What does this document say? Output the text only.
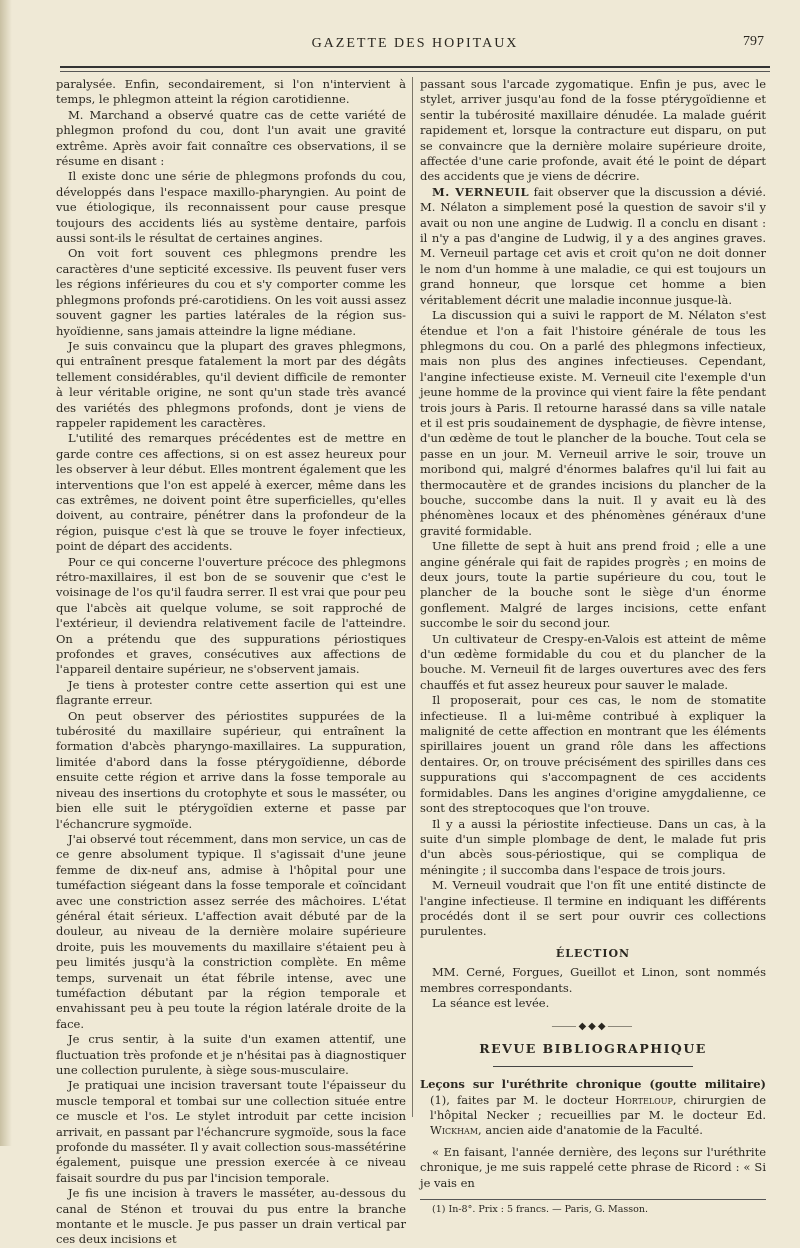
GAZETTE DES HOPITAUX	797

paralysée. Enfin, secondairement, si l'on n'intervient à temps, le phlegmon atteint la région carotidienne.

M. Marchand a observé quatre cas de cette variété de phlegmon profond du cou, dont l'un avait une gravité extrême. Après avoir fait connaître ces observations, il se résume en disant :

Il existe donc une série de phlegmons profonds du cou, développés dans l'espace maxillo-pharyngien. Au point de vue étiologique, ils reconnaissent pour cause presque toujours des accidents liés au système dentaire, parfois aussi sont-ils le résultat de certaines angines.

On voit fort souvent ces phlegmons prendre les caractères d'une septicité excessive. Ils peuvent fuser vers les régions inférieures du cou et s'y comporter comme les phlegmons profonds pré-carotidiens. On les voit aussi assez souvent gagner les parties latérales de la région sus-hyoïdienne, sans jamais atteindre la ligne médiane.

Je suis convaincu que la plupart des graves phlegmons, qui entraînent presque fatalement la mort par des dégâts tellement considérables, qu'il devient difficile de remonter à leur véritable origine, ne sont qu'un stade très avancé des variétés des phlegmons profonds, dont je viens de rappeler rapidement les caractères.

L'utilité des remarques précédentes est de mettre en garde contre ces affections, si on est assez heureux pour les observer à leur début. Elles montrent également que les interventions que l'on est appelé à exercer, même dans les cas extrêmes, ne doivent point être superficielles, qu'elles doivent, au contraire, pénétrer dans la profondeur de la région, puisque c'est là que se trouve le foyer infectieux, point de départ des accidents.

Pour ce qui concerne l'ouverture précoce des phlegmons rétro-maxillaires, il est bon de se souvenir que c'est le voisinage de l'os qu'il faudra serrer. Il est vrai que pour peu que l'abcès ait quelque volume, se soit rapproché de l'extérieur, il deviendra relativement facile de l'atteindre. On a prétendu que des suppurations périostiques profondes et graves, consécutives aux affections de l'appareil dentaire supérieur, ne s'observent jamais.

Je tiens à protester contre cette assertion qui est une flagrante erreur.

On peut observer des périostites suppurées de la tubérosité du maxillaire supérieur, qui entraînent la formation d'abcès pharyngo-maxillaires. La suppuration, limitée d'abord dans la fosse ptérygoïdienne, déborde ensuite cette région et arrive dans la fosse temporale au niveau des insertions du crotophyte et sous le masséter, ou bien elle suit le ptérygoïdien externe et passe par l'échancrure sygmoïde.

J'ai observé tout récemment, dans mon service, un cas de ce genre absolument typique. Il s'agissait d'une jeune femme de dix-neuf ans, admise à l'hôpital pour une tuméfaction siégeant dans la fosse temporale et coïncidant avec une constriction assez serrée des mâchoires. L'état général était sérieux. L'affection avait débuté par de la douleur, au niveau de la dernière molaire supérieure droite, puis les mouvements du maxillaire s'étaient peu à peu limités jusqu'à la constriction complète. En même temps, survenait un état fébrile intense, avec une tuméfaction débutant par la région temporale et envahissant peu à peu toute la région latérale droite de la face.

Je crus sentir, à la suite d'un examen attentif, une fluctuation très profonde et je n'hésitai pas à diagnostiquer une collection purulente, à siège sous-musculaire.

Je pratiquai une incision traversant toute l'épaisseur du muscle temporal et tombai sur une collection située entre ce muscle et l'os. Le stylet introduit par cette incision arrivait, en passant par l'échancrure sygmoïde, sous la face profonde du masséter. Il y avait collection sous-massétérine également, puisque une pression exercée à ce niveau faisait sourdre du pus par l'incision temporale.

Je fis une incision à travers le masséter, au-dessous du canal de Sténon et trouvai du pus entre la branche montante et le muscle. Je pus passer un drain vertical par ces deux incisions et

passant sous l'arcade zygomatique. Enfin je pus, avec le stylet, arriver jusqu'au fond de la fosse ptérygoïdienne et sentir la tubérosité maxillaire dénudée. La malade guérit rapidement et, lorsque la contracture eut disparu, on put se convaincre que la dernière molaire supérieure droite, affectée d'une carie profonde, avait été le point de départ des accidents que je viens de décrire.

M. VERNEUIL fait observer que la discussion a dévié. M. Nélaton a simplement posé la question de savoir s'il y avait ou non une angine de Ludwig. Il a conclu en disant : il n'y a pas d'angine de Ludwig, il y a des angines graves. M. Verneuil partage cet avis et croit qu'on ne doit donner le nom d'un homme à une maladie, ce qui est toujours un grand honneur, que lorsque cet homme a bien véritablement décrit une maladie inconnue jusque-là.

La discussion qui a suivi le rapport de M. Nélaton s'est étendue et l'on a fait l'histoire générale de tous les phlegmons du cou. On a parlé des phlegmons infectieux, mais non plus des angines infectieuses. Cependant, l'angine infectieuse existe. M. Verneuil cite l'exemple d'un jeune homme de la province qui vient faire la fête pendant trois jours à Paris. Il retourne harassé dans sa ville natale et il est pris soudainement de dysphagie, de fièvre intense, d'un œdème de tout le plancher de la bouche. Tout cela se passe en un jour. M. Verneuil arrive le soir, trouve un moribond qui, malgré d'énormes balafres qu'il lui fait au thermocautère et de grandes incisions du plancher de la bouche, succombe dans la nuit. Il y avait eu là des phénomènes locaux et des phénomènes généraux d'une gravité formidable.

Une fillette de sept à huit ans prend froid ; elle a une angine générale qui fait de rapides progrès ; en moins de deux jours, toute la partie supérieure du cou, tout le plancher de la bouche sont le siège d'un énorme gonflement. Malgré de larges incisions, cette enfant succombe le soir du second jour.

Un cultivateur de Crespy-en-Valois est atteint de même d'un œdème formidable du cou et du plancher de la bouche. M. Verneuil fit de larges ouvertures avec des fers chauffés et fut assez heureux pour sauver le malade.

Il proposerait, pour ces cas, le nom de stomatite infectieuse. Il a lui-même contribué à expliquer la malignité de cette affection en montrant que les éléments spirillaires jouent un grand rôle dans les affections dentaires. Or, on trouve précisément des spirilles dans ces suppurations qui s'accompagnent de ces accidents formidables. Dans les angines d'origine amygdalienne, ce sont des streptocoques que l'on trouve.

Il y a aussi la périostite infectieuse. Dans un cas, à la suite d'un simple plombage de dent, le malade fut pris d'un abcès sous-périostique, qui se compliqua de méningite ; il succomba dans l'espace de trois jours.

M. Verneuil voudrait que l'on fît une entité distincte de l'angine infectieuse. Il termine en indiquant les différents procédés dont il se sert pour ouvrir ces collections purulentes.

ÉLECTION

MM. Cerné, Forgues, Gueillot et Linon, sont nommés membres correspondants.

La séance est levée.

⸻◆◆◆⸻
REVUE BIBLIOGRAPHIQUE

Leçons sur l'uréthrite chronique (goutte militaire) (1), faites par M. le docteur Horteloup, chirurgien de l'hôpital Necker ; recueillies par M. le docteur Ed. Wickham, ancien aide d'anatomie de la Faculté.

« En faisant, l'année dernière, des leçons sur l'uréthrite chronique, je me suis rappelé cette phrase de Ricord : « Si je vais en

(1) In-8°. Prix : 5 francs. — Paris, G. Masson.
